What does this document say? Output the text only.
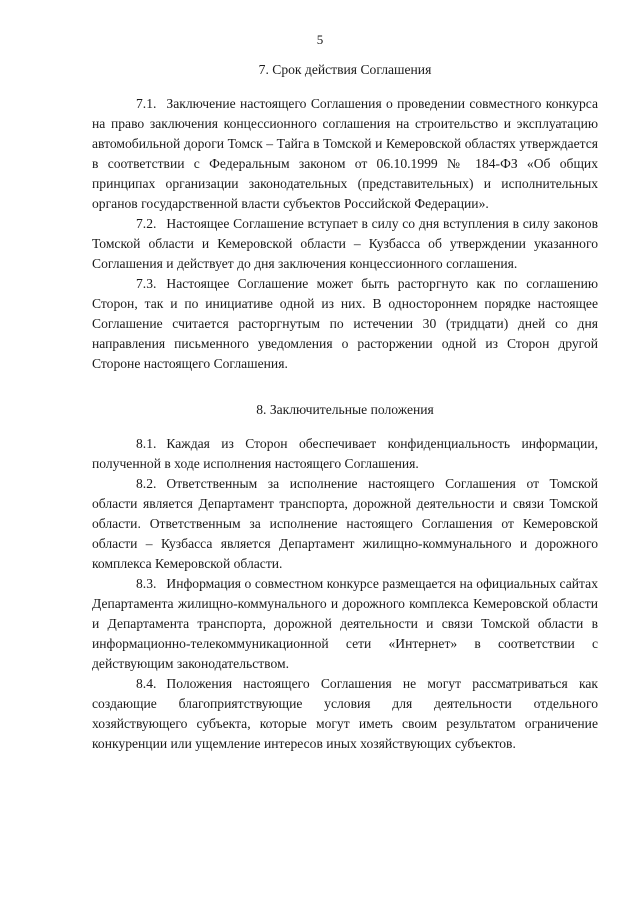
5
7. Срок действия Соглашения

7.1. Заключение настоящего Соглашения о проведении совместного конкурса на право заключения концессионного соглашения на строительство и эксплуатацию автомобильной дороги Томск – Тайга в Томской и Кемеровской областях утверждается в соответствии с Федеральным законом от 06.10.1999 № 184-ФЗ «Об общих принципах организации законодательных (представительных) и исполнительных органов государственной власти субъектов Российской Федерации».

7.2. Настоящее Соглашение вступает в силу со дня вступления в силу законов Томской области и Кемеровской области – Кузбасса об утверждении указанного Соглашения и действует до дня заключения концессионного соглашения.

7.3. Настоящее Соглашение может быть расторгнуто как по соглашению Сторон, так и по инициативе одной из них. В одностороннем порядке настоящее Соглашение считается расторгнутым по истечении 30 (тридцати) дней со дня направления письменного уведомления о расторжении одной из Сторон другой Стороне настоящего Соглашения.

8. Заключительные положения

8.1. Каждая из Сторон обеспечивает конфиденциальность информации, полученной в ходе исполнения настоящего Соглашения.

8.2. Ответственным за исполнение настоящего Соглашения от Томской области является Департамент транспорта, дорожной деятельности и связи Томской области. Ответственным за исполнение настоящего Соглашения от Кемеровской области – Кузбасса является Департамент жилищно-коммунального и дорожного комплекса Кемеровской области.

8.3. Информация о совместном конкурсе размещается на официальных сайтах Департамента жилищно-коммунального и дорожного комплекса Кемеровской области и Департамента транспорта, дорожной деятельности и связи Томской области в информационно-телекоммуникационной сети «Интернет» в соответствии с действующим законодательством.

8.4. Положения настоящего Соглашения не могут рассматриваться как создающие благоприятствующие условия для деятельности отдельного хозяйствующего субъекта, которые могут иметь своим результатом ограничение конкуренции или ущемление интересов иных хозяйствующих субъектов.
